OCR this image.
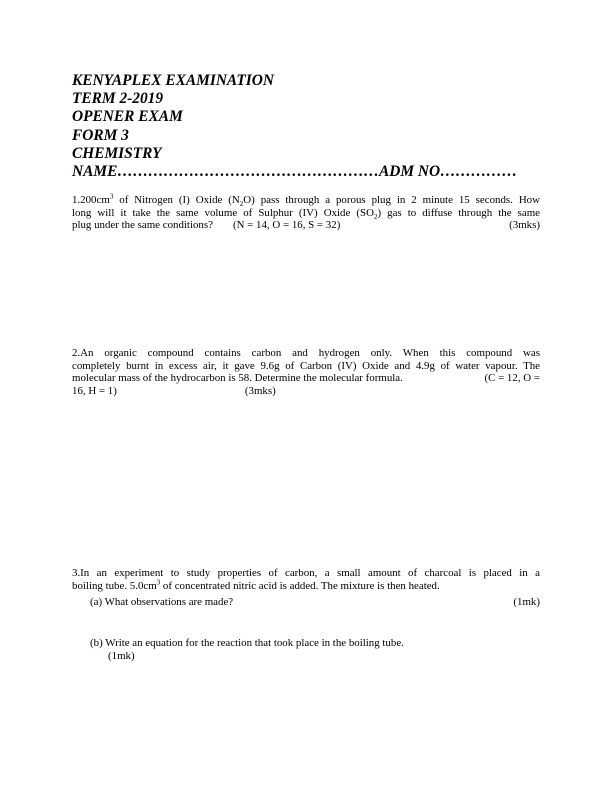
KENYAPLEX EXAMINATION
TERM 2-2019
OPENER EXAM
FORM 3
CHEMISTRY
NAME…………………………………………… ADM NO……………

$1.200cm^3$ of Nitrogen (I) Oxide $(N_2O)$ pass through a porous plug in 2 minute 15 seconds. How

long will it take the same volume of Sulphur (IV) Oxide $(SO_2)$ gas to diffuse through the same

plug under the same conditions? (N = 14, O = 16, S = 32)	(3mks)

2.An organic compound contains carbon and hydrogen only. When this compound was

completely burnt in excess air, it gave 9.6g of Carbon (IV) Oxide and 4.9g of water vapour. The

molecular mass of the hydrocarbon is 58. Determine the molecular formula.	(C = 12, O =
16, H = 1)	(3mks)

3.In an experiment to study properties of carbon, a small amount of charcoal is placed in a

boiling tube. $5.0cm^3$ of concentrated nitric acid is added. The mixture is then heated.

(a) What observations are made?	(1mk)
(b) Write an equation for the reaction that took place in the boiling tube.
(1mk)
